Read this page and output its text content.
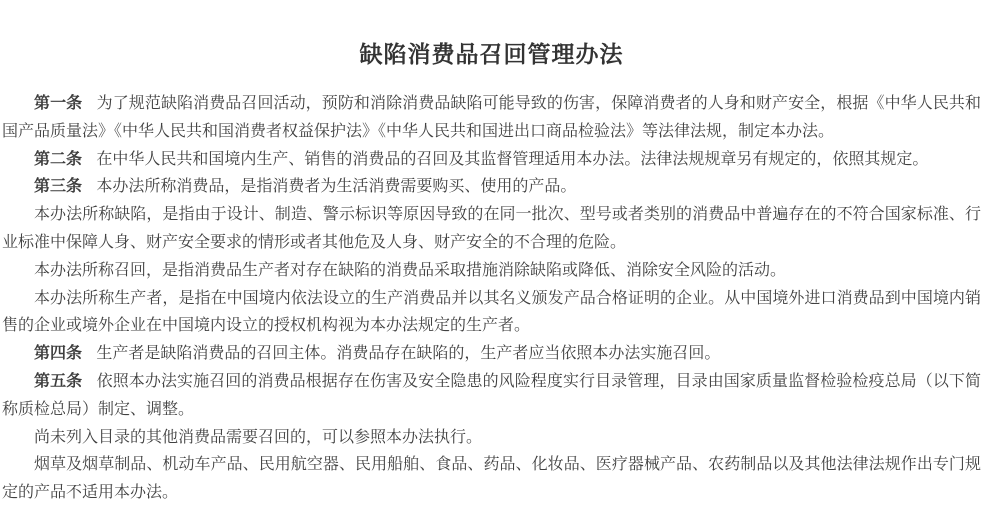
缺陷消费品召回管理办法

第一条 为了规范缺陷消费品召回活动，预防和消除消费品缺陷可能导致的伤害，保障消费者的人身和财产安全，根据《中华人民共和国产品质量法》《中华人民共和国消费者权益保护法》《中华人民共和国进出口商品检验法》等法律法规，制定本办法。

第二条 在中华人民共和国境内生产、销售的消费品的召回及其监督管理适用本办法。法律法规规章另有规定的，依照其规定。

第三条 本办法所称消费品，是指消费者为生活消费需要购买、使用的产品。

本办法所称缺陷，是指由于设计、制造、警示标识等原因导致的在同一批次、型号或者类别的消费品中普遍存在的不符合国家标准、行业标准中保障人身、财产安全要求的情形或者其他危及人身、财产安全的不合理的危险。

本办法所称召回，是指消费品生产者对存在缺陷的消费品采取措施消除缺陷或降低、消除安全风险的活动。

本办法所称生产者，是指在中国境内依法设立的生产消费品并以其名义颁发产品合格证明的企业。从中国境外进口消费品到中国境内销售的企业或境外企业在中国境内设立的授权机构视为本办法规定的生产者。

第四条 生产者是缺陷消费品的召回主体。消费品存在缺陷的，生产者应当依照本办法实施召回。

第五条 依照本办法实施召回的消费品根据存在伤害及安全隐患的风险程度实行目录管理，目录由国家质量监督检验检疫总局（以下简称质检总局）制定、调整。

尚未列入目录的其他消费品需要召回的，可以参照本办法执行。

烟草及烟草制品、机动车产品、民用航空器、民用船舶、食品、药品、化妆品、医疗器械产品、农药制品以及其他法律法规作出专门规定的产品不适用本办法。
